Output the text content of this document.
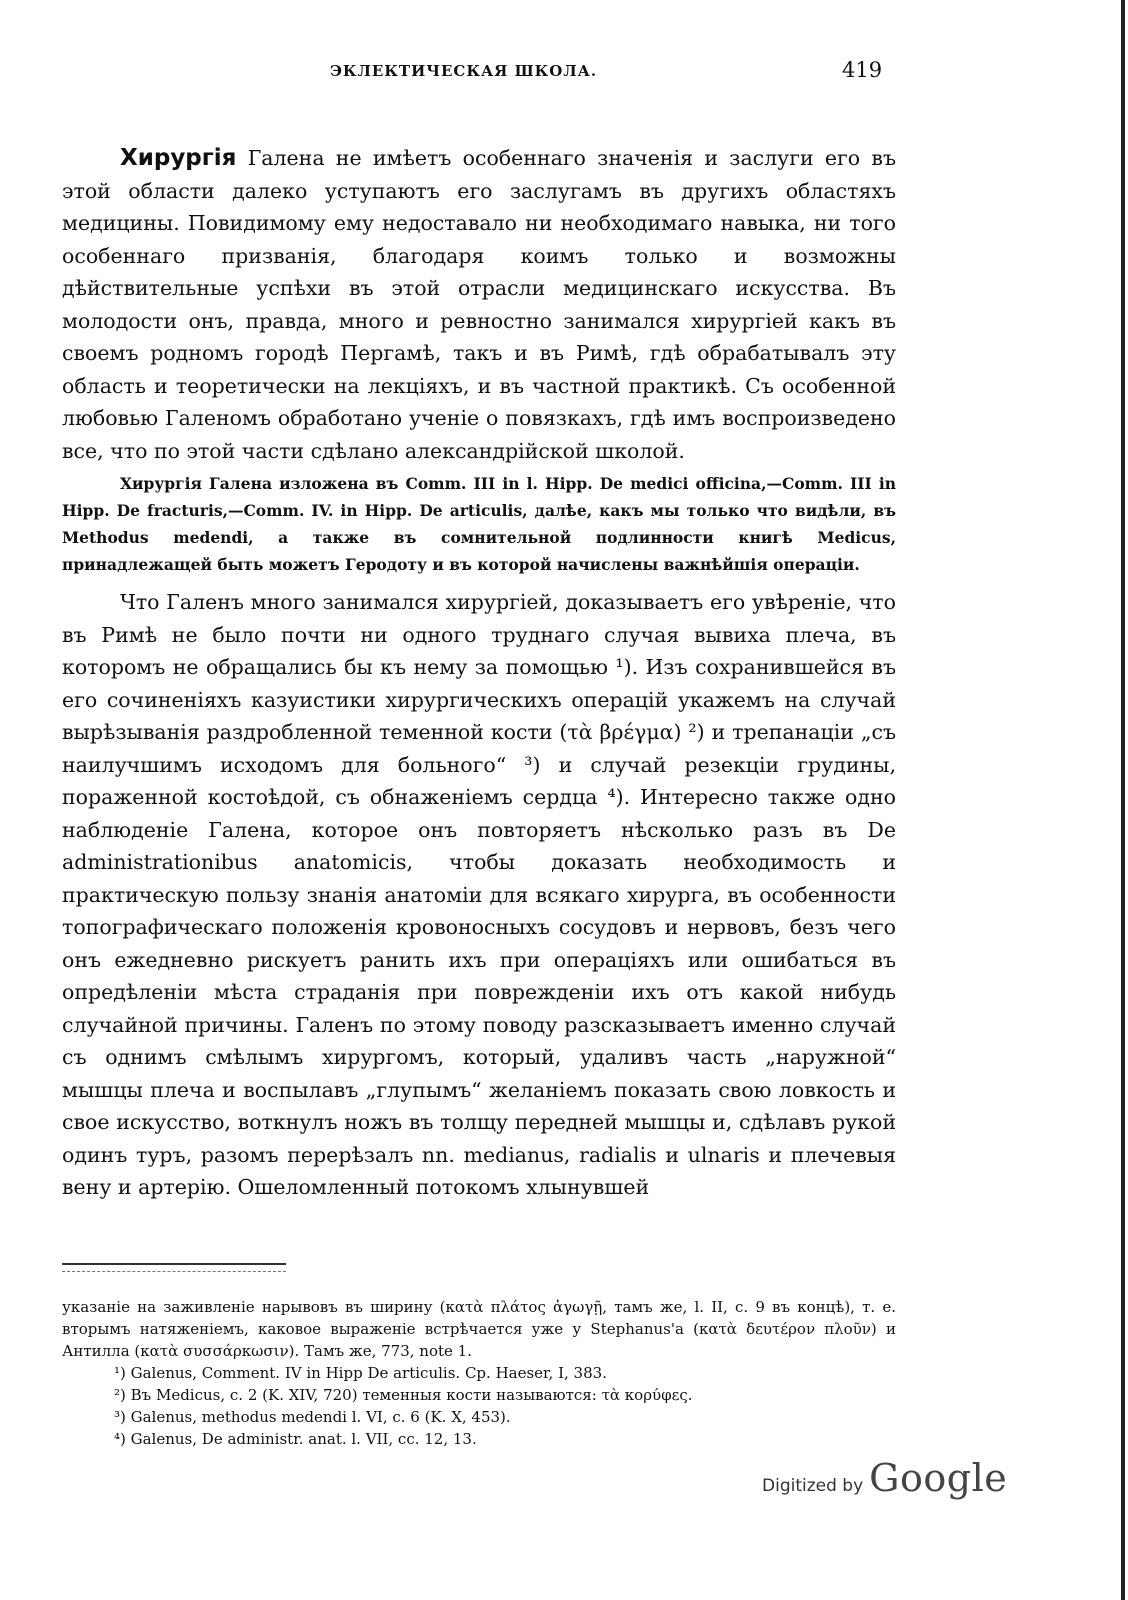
ЭКЛЕКТИЧЕСКАЯ ШКОЛА.	419
Хирургія Галена не имѣетъ особеннаго значенія и заслуги его въ этой области далеко уступаютъ его заслугамъ въ другихъ областяхъ медицины. Повидимому ему недоставало ни необходимаго навыка, ни того особеннаго призванія, благодаря коимъ только и возможны дѣйствительные успѣхи въ этой отрасли медицинскаго искусства. Въ молодости онъ, правда, много и ревностно занимался хирургіей какъ въ своемъ родномъ городѣ Пергамѣ, такъ и въ Римѣ, гдѣ обрабатывалъ эту область и теоретически на лекціяхъ, и въ частной практикѣ. Съ особенной любовью Галеномъ обработано ученіе о повязкахъ, гдѣ имъ воспроизведено все, что по этой части сдѣлано александрійской школой.
Хирургія Галена изложена въ Comm. III in l. Hipp. De medici officina,—Comm. III in Hipp. De fracturis,—Comm. IV. in Hipp. De articulis, далѣе, какъ мы только что видѣли, въ Methodus medendi, а также въ сомнительной подлинности книгѣ Medicus, принадлежащей быть можетъ Геродоту и въ которой начислены важнѣйшія операціи.
Что Галенъ много занимался хирургіей, доказываетъ его увѣреніе, что въ Римѣ не было почти ни одного труднаго случая вывиха плеча, въ которомъ не обращались бы къ нему за помощью ¹). Изъ сохранившейся въ его сочиненіяхъ казуистики хирургическихъ операцій укажемъ на случай вырѣзыванія раздробленной теменной кости (τὰ βρέγμα) ²) и трепанаціи „съ наилучшимъ исходомъ для больного“ ³) и случай резекціи грудины, пораженной костоѣдой, съ обнаженіемъ сердца ⁴). Интересно также одно наблюденіе Галена, которое онъ повторяетъ нѣсколько разъ въ De administrationibus anatomicis, чтобы доказать необходимость и практическую пользу знанія анатоміи для всякаго хирурга, въ особенности топографическаго положенія кровоносныхъ сосудовъ и нервовъ, безъ чего онъ ежедневно рискуетъ ранить ихъ при операціяхъ или ошибаться въ опредѣленіи мѣста страданія при поврежденіи ихъ отъ какой нибудь случайной причины. Галенъ по этому поводу разсказываетъ именно случай съ однимъ смѣлымъ хирургомъ, который, удаливъ часть „наружной“ мышцы плеча и воспылавъ „глупымъ“ желаніемъ показать свою ловкость и свое искусство, воткнулъ ножъ въ толщу передней мышцы и, сдѣлавъ рукой одинъ туръ, разомъ перерѣзалъ nn. medianus, radialis и ulnaris и плечевыя вену и артерію. Ошеломленный потокомъ хлынувшей
указаніе на заживленіе нарывовъ въ ширину (κατὰ πλάτος ἀγωγῇ, тамъ же, l. II, c. 9 въ концѣ), т. е. вторымъ натяженіемъ, каковое выраженіе встрѣчается уже у Stephanus'а (κατὰ δευτέρον πλοῦν) и Антилла (κατὰ συσσάρκωσιν). Тамъ же, 773, note 1.
¹) Galenus, Comment. IV in Hipp De articulis. Cp. Haeser, I, 383.
²) Въ Medicus, c. 2 (K. XIV, 720) теменныя кости называются: τὰ κορύφες.
³) Galenus, methodus medendi l. VI, c. 6 (K. X, 453).
⁴) Galenus, De administr. anat. l. VII, cc. 12, 13.
Digitized by Google
